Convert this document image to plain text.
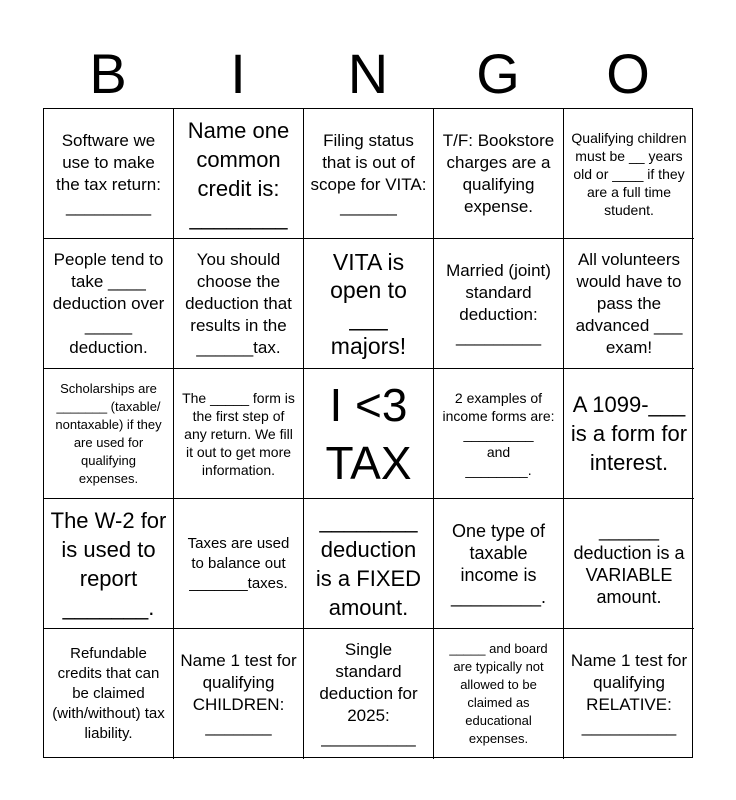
B	I	N	G	O
Software we use to make the tax return:
_________
Name one common credit is:
________
Filing status that is out of scope for VITA:
______
T/F: Bookstore charges are a qualifying expense.
Qualifying children must be __ years old or ____ if they are a full time student.
People tend to take ____ deduction over _____ deduction.
You should choose the deduction that results in the ______tax.
VITA is open to ___ majors!
Married (joint) standard deduction:
_________
All volunteers would have to pass the advanced ___ exam!
Scholarships are _______ (taxable/ nontaxable) if they are used for qualifying expenses.
The _____ form is the first step of any return. We fill it out to get more information.
I <3 TAX
2 examples of income forms are:
_________
and
________.
A 1099-___ is a form for interest.
The W-2 for is used to report _______.
Taxes are used to balance out _______taxes.
________ deduction is a FIXED amount.
One type of taxable income is _________.
______ deduction is a VARIABLE amount.
Refundable credits that can be claimed (with/without) tax liability.
Name 1 test for qualifying CHILDREN:
_______
Single standard deduction for 2025:
__________
_____ and board are typically not allowed to be claimed as educational expenses.
Name 1 test for qualifying RELATIVE:
__________
